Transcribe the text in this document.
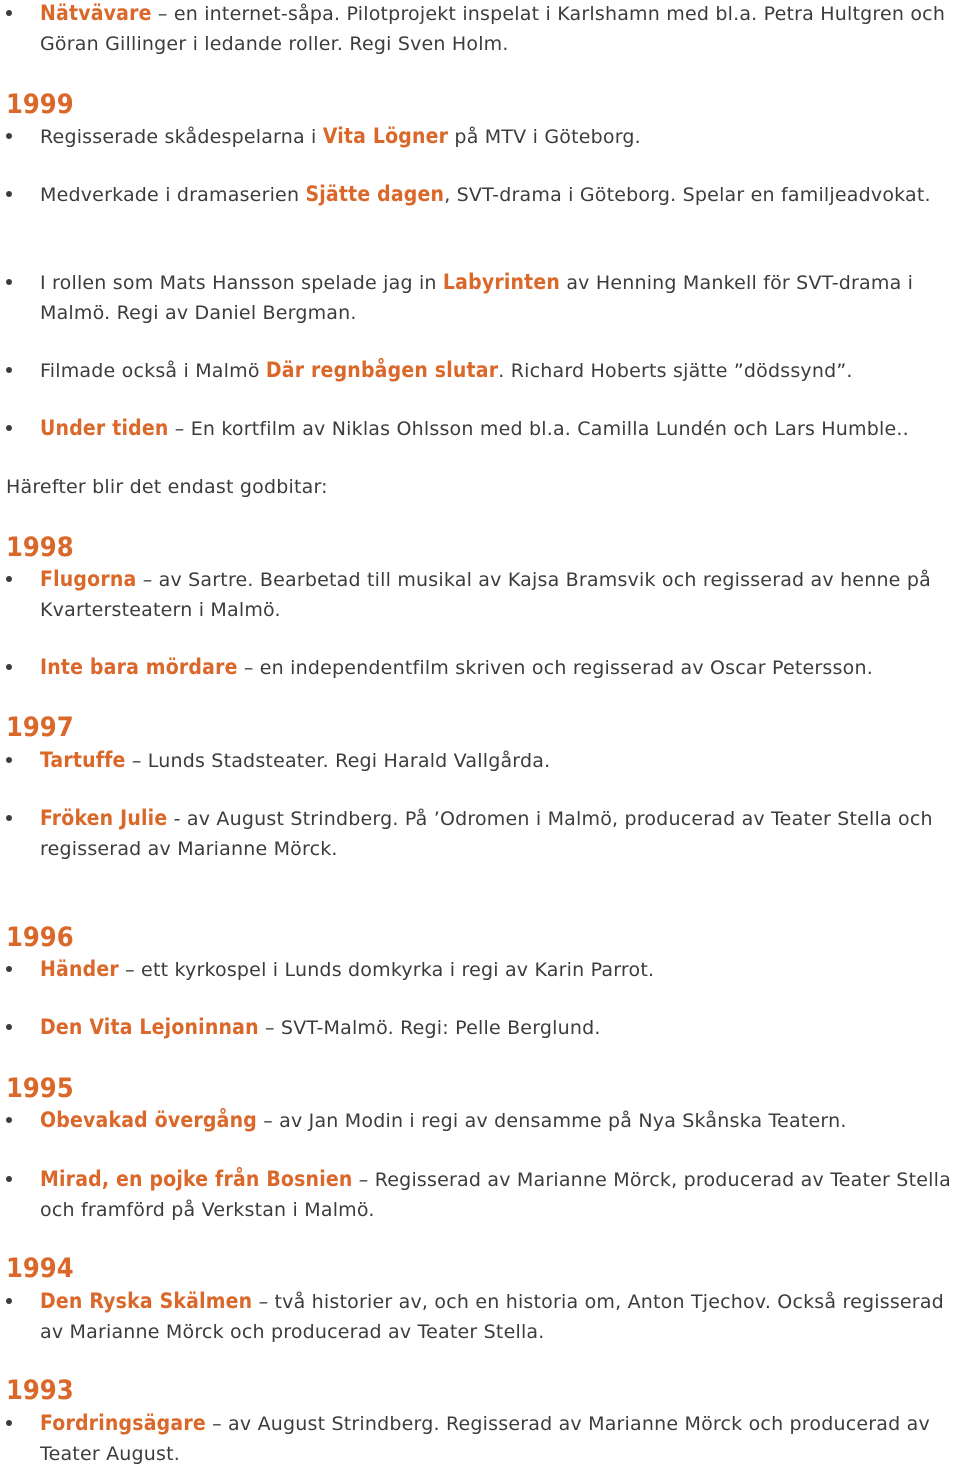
Nätvävare – en internet-såpa. Pilotprojekt inspelat i Karlshamn med bl.a. Petra Hultgren och Göran Gillinger i ledande roller. Regi Sven Holm.
1999
Regisserade skådespelarna i Vita Lögner på MTV i Göteborg.
Medverkade i dramaserien Sjätte dagen, SVT-drama i Göteborg. Spelar en familjeadvokat.
I rollen som Mats Hansson spelade jag in Labyrinten av Henning Mankell för SVT-drama i Malmö. Regi av Daniel Bergman.
Filmade också i Malmö Där regnbågen slutar. Richard Hoberts sjätte ”dödssynd”.
Under tiden – En kortfilm av Niklas Ohlsson med bl.a. Camilla Lundén och Lars Humble..
Härefter blir det endast godbitar:
1998
Flugorna – av Sartre. Bearbetad till musikal av Kajsa Bramsvik och regisserad av henne på Kvartersteatern i Malmö.
Inte bara mördare – en independentfilm skriven och regisserad av Oscar Petersson.
1997
Tartuffe – Lunds Stadsteater. Regi Harald Vallgårda.
Fröken Julie - av August Strindberg. På ’Odromen i Malmö, producerad av Teater Stella och regisserad av Marianne Mörck.
1996
Händer – ett kyrkospel i Lunds domkyrka i regi av Karin Parrot.
Den Vita Lejoninnan – SVT-Malmö. Regi: Pelle Berglund.
1995
Obevakad övergång – av Jan Modin i regi av densamme på Nya Skånska Teatern.
Mirad, en pojke från Bosnien – Regisserad av Marianne Mörck, producerad av Teater Stella och framförd på Verkstan i Malmö.
1994
Den Ryska Skälmen – två historier av, och en historia om, Anton Tjechov. Också regisserad av Marianne Mörck och producerad av Teater Stella.
1993
Fordringsägare – av August Strindberg. Regisserad av Marianne Mörck och producerad av Teater August.
